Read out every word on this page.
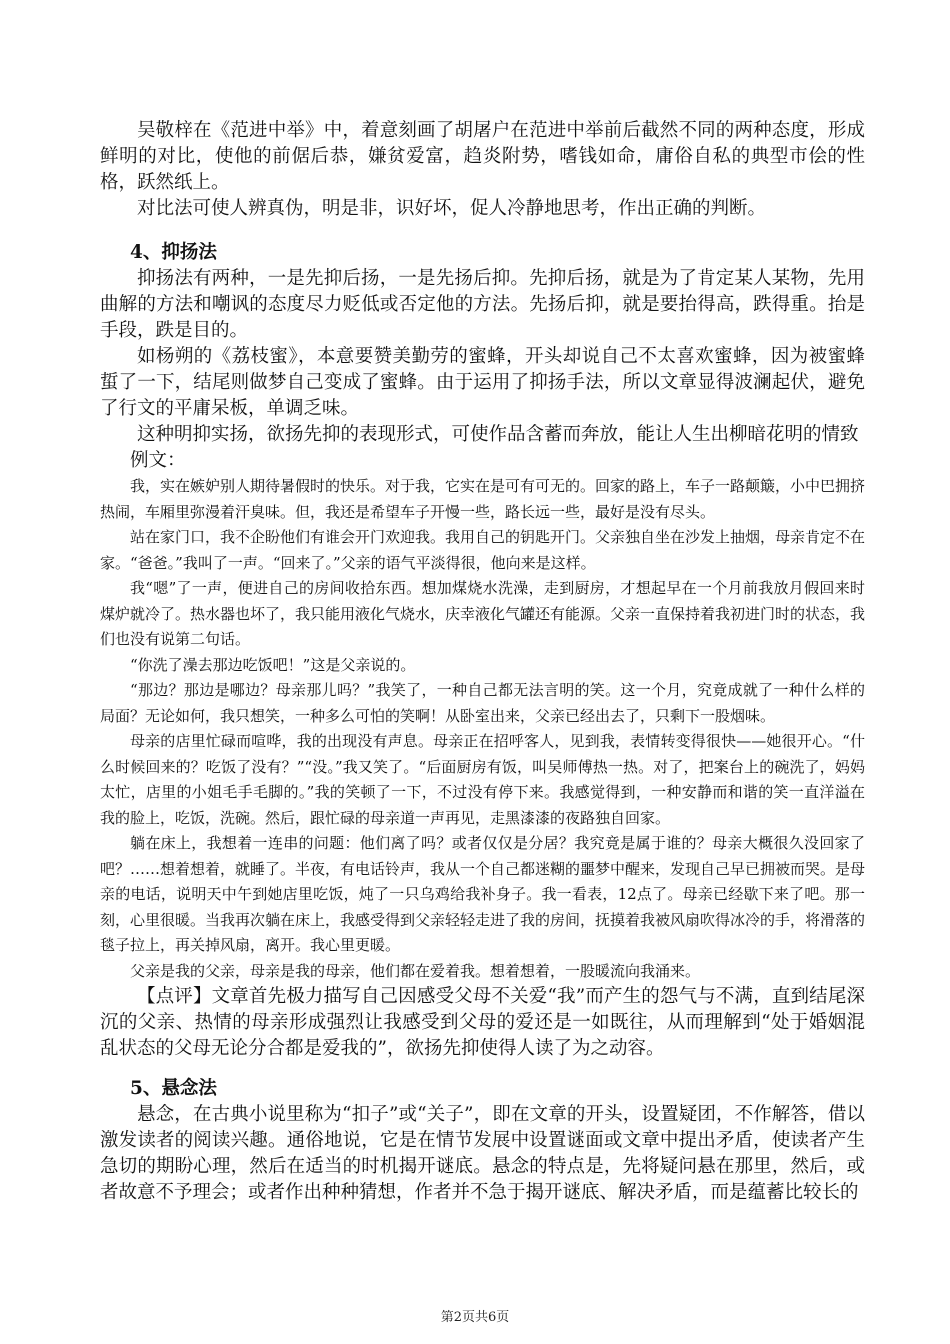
吴敬梓在《范进中举》中，着意刻画了胡屠户在范进中举前后截然不同的两种态度，形成鲜明的对比，使他的前倨后恭，嫌贫爱富，趋炎附势，嗜钱如命，庸俗自私的典型市侩的性格，跃然纸上。

对比法可使人辨真伪，明是非，识好坏，促人冷静地思考，作出正确的判断。

4、抑扬法

抑扬法有两种，一是先抑后扬，一是先扬后抑。先抑后扬，就是为了肯定某人某物，先用曲解的方法和嘲讽的态度尽力贬低或否定他的方法。先扬后抑，就是要抬得高，跌得重。抬是手段，跌是目的。

如杨朔的《荔枝蜜》，本意要赞美勤劳的蜜蜂，开头却说自己不太喜欢蜜蜂，因为被蜜蜂蜇了一下，结尾则做梦自己变成了蜜蜂。由于运用了抑扬手法，所以文章显得波澜起伏，避免了行文的平庸呆板，单调乏味。

这种明抑实扬，欲扬先抑的表现形式，可使作品含蓄而奔放，能让人生出柳暗花明的情致

例文：

我，实在嫉妒别人期待暑假时的快乐。对于我，它实在是可有可无的。回家的路上，车子一路颠簸，小中巴拥挤热闹，车厢里弥漫着汗臭味。但，我还是希望车子开慢一些，路长远一些，最好是没有尽头。

站在家门口，我不企盼他们有谁会开门欢迎我。我用自己的钥匙开门。父亲独自坐在沙发上抽烟，母亲肯定不在家。“爸爸。”我叫了一声。“回来了。”父亲的语气平淡得很，他向来是这样。

我“嗯”了一声，便进自己的房间收拾东西。想加煤烧水洗澡，走到厨房，才想起早在一个月前我放月假回来时煤炉就冷了。热水器也坏了，我只能用液化气烧水，庆幸液化气罐还有能源。父亲一直保持着我初进门时的状态，我们也没有说第二句话。

“你洗了澡去那边吃饭吧！”这是父亲说的。

“那边？那边是哪边？母亲那儿吗？”我笑了，一种自己都无法言明的笑。这一个月，究竟成就了一种什么样的局面？无论如何，我只想笑，一种多么可怕的笑啊！从卧室出来，父亲已经出去了，只剩下一股烟味。

母亲的店里忙碌而喧哗，我的出现没有声息。母亲正在招呼客人，见到我，表情转变得很快——她很开心。“什么时候回来的？吃饭了没有？”“没。”我又笑了。“后面厨房有饭，叫吴师傅热一热。对了，把案台上的碗洗了，妈妈太忙，店里的小姐毛手毛脚的。”我的笑顿了一下，不过没有停下来。我感觉得到，一种安静而和谐的笑一直洋溢在我的脸上，吃饭，洗碗。然后，跟忙碌的母亲道一声再见，走黑漆漆的夜路独自回家。

躺在床上，我想着一连串的问题：他们离了吗？或者仅仅是分居？我究竟是属于谁的？母亲大概很久没回家了吧？……想着想着，就睡了。半夜，有电话铃声，我从一个自己都迷糊的噩梦中醒来，发现自己早已拥被而哭。是母亲的电话，说明天中午到她店里吃饭，炖了一只乌鸡给我补身子。我一看表，12点了。母亲已经歇下来了吧。那一刻，心里很暖。当我再次躺在床上，我感受得到父亲轻轻走进了我的房间，抚摸着我被风扇吹得冰冷的手，将滑落的毯子拉上，再关掉风扇，离开。我心里更暖。

父亲是我的父亲，母亲是我的母亲，他们都在爱着我。想着想着，一股暖流向我涌来。

【点评】文章首先极力描写自己因感受父母不关爱“我”而产生的怨气与不满，直到结尾深沉的父亲、热情的母亲形成强烈让我感受到父母的爱还是一如既往，从而理解到“处于婚姻混乱状态的父母无论分合都是爱我的”，欲扬先抑使得人读了为之动容。

5、悬念法

悬念，在古典小说里称为“扣子”或“关子”，即在文章的开头，设置疑团，不作解答，借以激发读者的阅读兴趣。通俗地说，它是在情节发展中设置谜面或文章中提出矛盾，使读者产生急切的期盼心理，然后在适当的时机揭开谜底。悬念的特点是，先将疑问悬在那里，然后，或者故意不予理会；或者作出种种猜想，作者并不急于揭开谜底、解决矛盾，而是蕴蓄比较长的

第2页共6页
